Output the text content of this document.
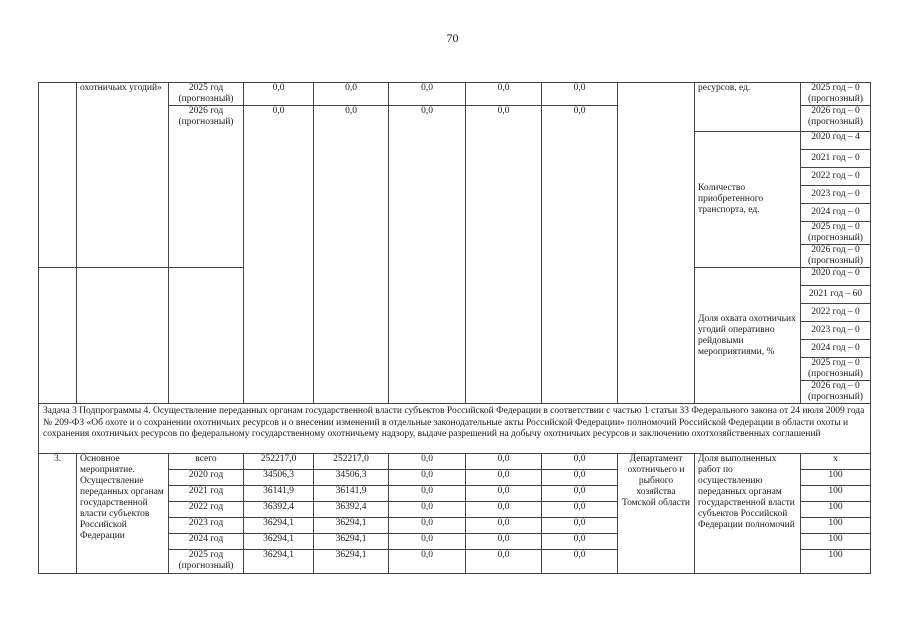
70
	охотничьих угодий»	2025 год (прогнозный)	0,0	0,0	0,0	0,0	0,0		ресурсов, ед.	2025 год – 0 (прогнозный)
		2026 год (прогнозный)	0,0	0,0	0,0	0,0	0,0			2026 год – 0 (прогнозный)
									Количество приобретенного транспорта, ед.	2020 год – 4
										2021 год – 0
										2022 год – 0
										2023 год – 0
										2024 год – 0
										2025 год – 0 (прогнозный)
										2026 год – 0 (прогнозный)
									Доля охвата охотничьих угодий оперативно рейдовыми мероприятиями, %	2020 год – 0
										2021 год – 60
										2022 год – 0
										2023 год – 0
										2024 год – 0
										2025 год – 0 (прогнозный)
										2026 год – 0 (прогнозный)
Задача 3 Подпрограммы 4. Осуществление переданных органам государственной власти субъектов Российской Федерации в соответствии с частью 1 статьи 33 Федерального закона от 24 июля 2009 года № 209-ФЗ «Об охоте и о сохранении охотничьих ресурсов и о внесении изменений в отдельные законодательные акты Российской Федерации» полномочий Российской Федерации в области охоты и сохранения охотничьих ресурсов по федеральному государственному охотничьему надзору, выдаче разрешений на добычу охотничьих ресурсов и заключению охотхозяйственных соглашений										
3.	Основное мероприятие. Осуществление переданных органам государственной власти субъектов Российской Федерации	всего	252217,0	252217,0	0,0	0,0	0,0	Департамент охотничьего и рыбного хозяйства Томской области	Доля выполненных работ по осуществлению переданных органам государственной власти субъектов Российской Федерации полномочий	x
		2020 год	34506,3	34506,3	0,0	0,0	0,0			100
		2021 год	36141,9	36141,9	0,0	0,0	0,0			100
		2022 год	36392,4	36392,4	0,0	0,0	0,0			100
		2023 год	36294,1	36294,1	0,0	0,0	0,0			100
		2024 год	36294,1	36294,1	0,0	0,0	0,0			100
		2025 год (прогнозный)	36294,1	36294,1	0,0	0,0	0,0			100
